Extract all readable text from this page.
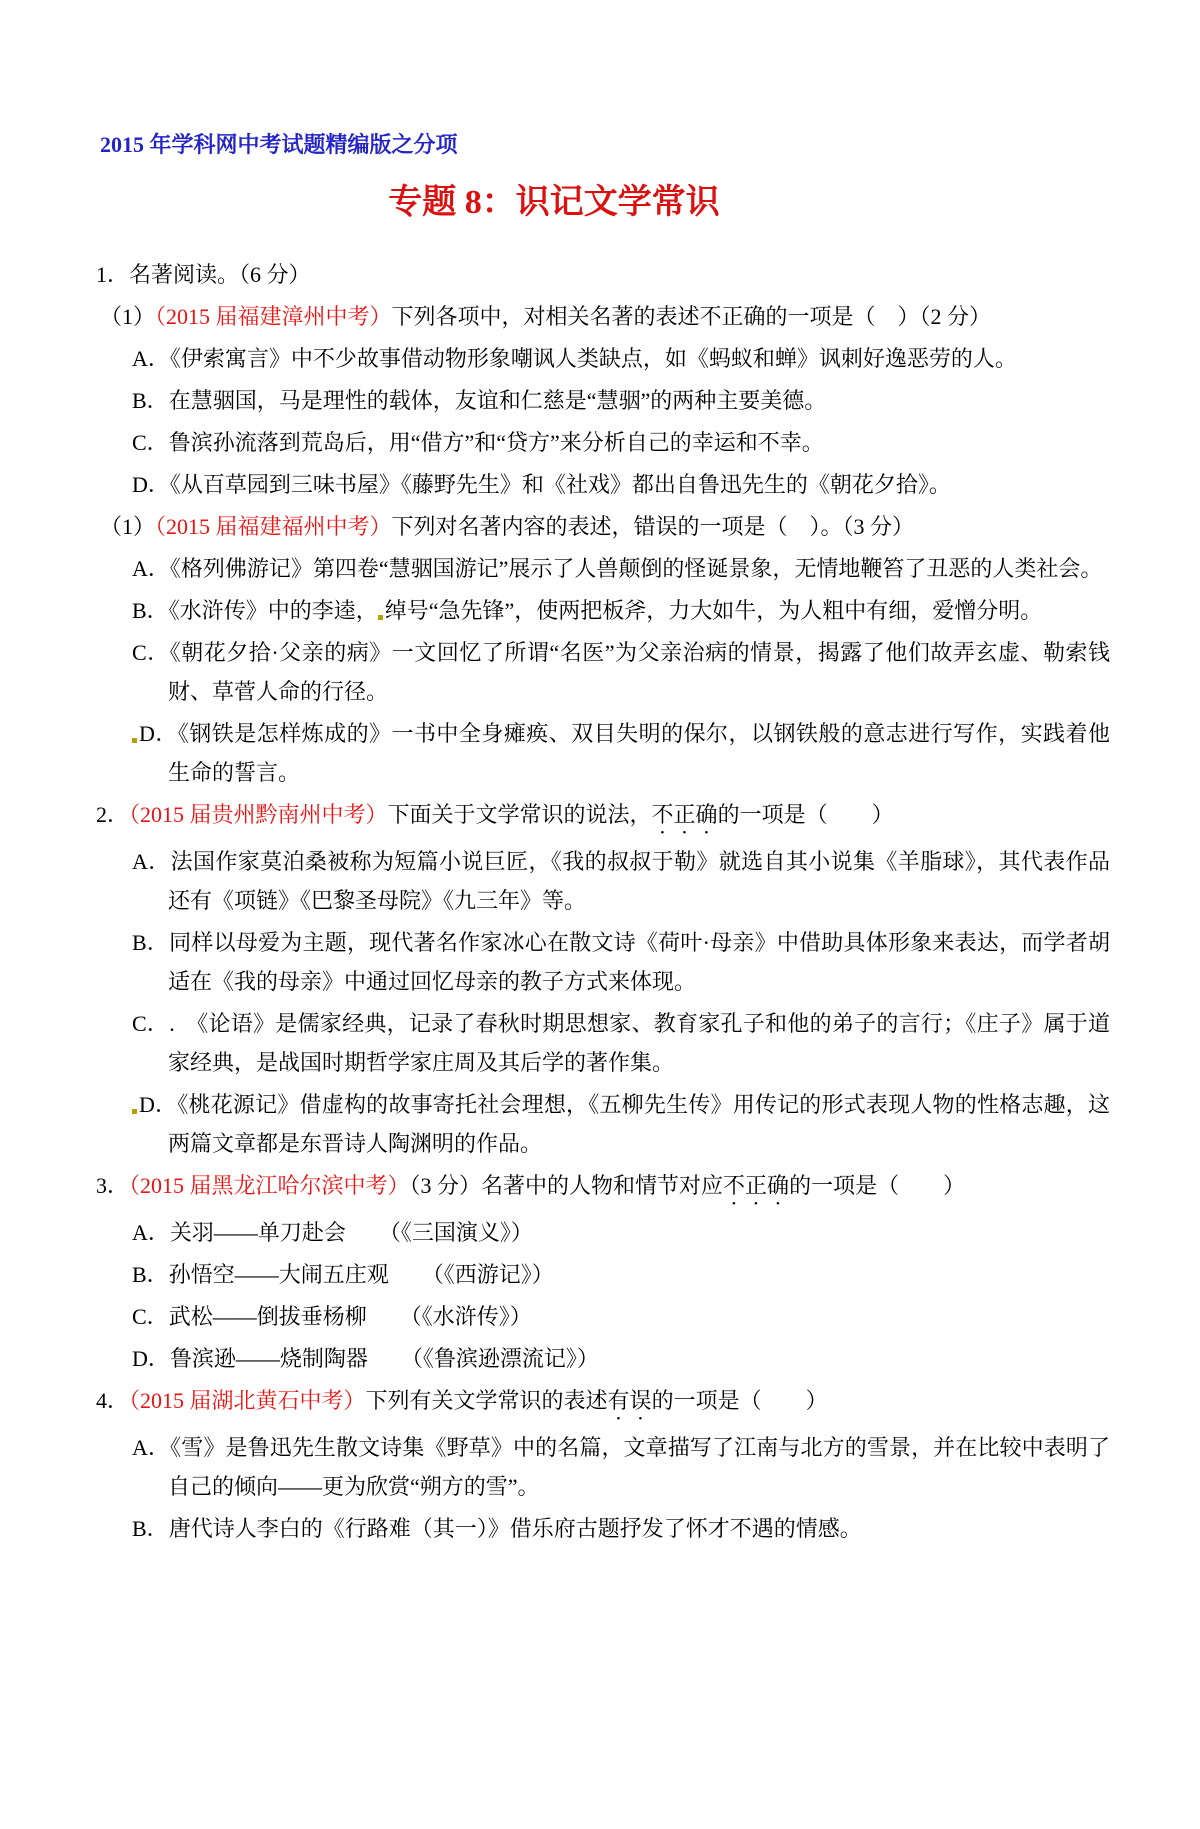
2015 年学科网中考试题精编版之分项
专题 8：识记文学常识

1．名著阅读。（6 分）

（1）（2015 届福建漳州中考）下列各项中，对相关名著的表述不正确的一项是（　）（2 分）

A．《伊索寓言》中不少故事借动物形象嘲讽人类缺点，如《蚂蚁和蝉》讽刺好逸恶劳的人。

B．在慧骃国，马是理性的载体，友谊和仁慈是“慧骃”的两种主要美德。

C．鲁滨孙流落到荒岛后，用“借方”和“贷方”来分析自己的幸运和不幸。

D．《从百草园到三味书屋》《藤野先生》和《社戏》都出自鲁迅先生的《朝花夕拾》。

（1）（2015 届福建福州中考）下列对名著内容的表述，错误的一项是（　）。（3 分）

A．《格列佛游记》第四卷“慧骃国游记”展示了人兽颠倒的怪诞景象，无情地鞭笞了丑恶的人类社会。

B．《水浒传》中的李逵， 绰号“急先锋”，使两把板斧，力大如牛，为人粗中有细，爱憎分明。

C．《朝花夕拾·父亲的病》一文回忆了所谓“名医”为父亲治病的情景，揭露了他们故弄玄虚、勒索钱财、草菅人命的行径。

D．《钢铁是怎样炼成的》一书中全身瘫痪、双目失明的保尔，以钢铁般的意志进行写作，实践着他生命的誓言。

2．（2015 届贵州黔南州中考）下面关于文学常识的说法，不正确的一项是（　　）

A．法国作家莫泊桑被称为短篇小说巨匠，《我的叔叔于勒》就选自其小说集《羊脂球》，其代表作品还有《项链》《巴黎圣母院》《九三年》等。

B．同样以母爱为主题，现代著名作家冰心在散文诗《荷叶·母亲》中借助具体形象来表达，而学者胡适在《我的母亲》中通过回忆母亲的教子方式来体现。

C．.　《论语》是儒家经典，记录了春秋时期思想家、教育家孔子和他的弟子的言行；《庄子》属于道家经典，是战国时期哲学家庄周及其后学的著作集。

D．《桃花源记》借虚构的故事寄托社会理想，《五柳先生传》用传记的形式表现人物的性格志趣，这两篇文章都是东晋诗人陶渊明的作品。

3．（2015 届黑龙江哈尔滨中考）（3 分）名著中的人物和情节对应不正确的一项是（　　）

A．关羽——单刀赴会　　（《三国演义》）

B．孙悟空——大闹五庄观　　（《西游记》）

C．武松——倒拔垂杨柳　　（《水浒传》）

D．鲁滨逊——烧制陶器　　（《鲁滨逊漂流记》）

4．（2015 届湖北黄石中考）下列有关文学常识的表述有误的一项是（　　）

A．《雪》是鲁迅先生散文诗集《野草》中的名篇，文章描写了江南与北方的雪景，并在比较中表明了自己的倾向——更为欣赏“朔方的雪”。

B．唐代诗人李白的《行路难（其一）》借乐府古题抒发了怀才不遇的情感。
